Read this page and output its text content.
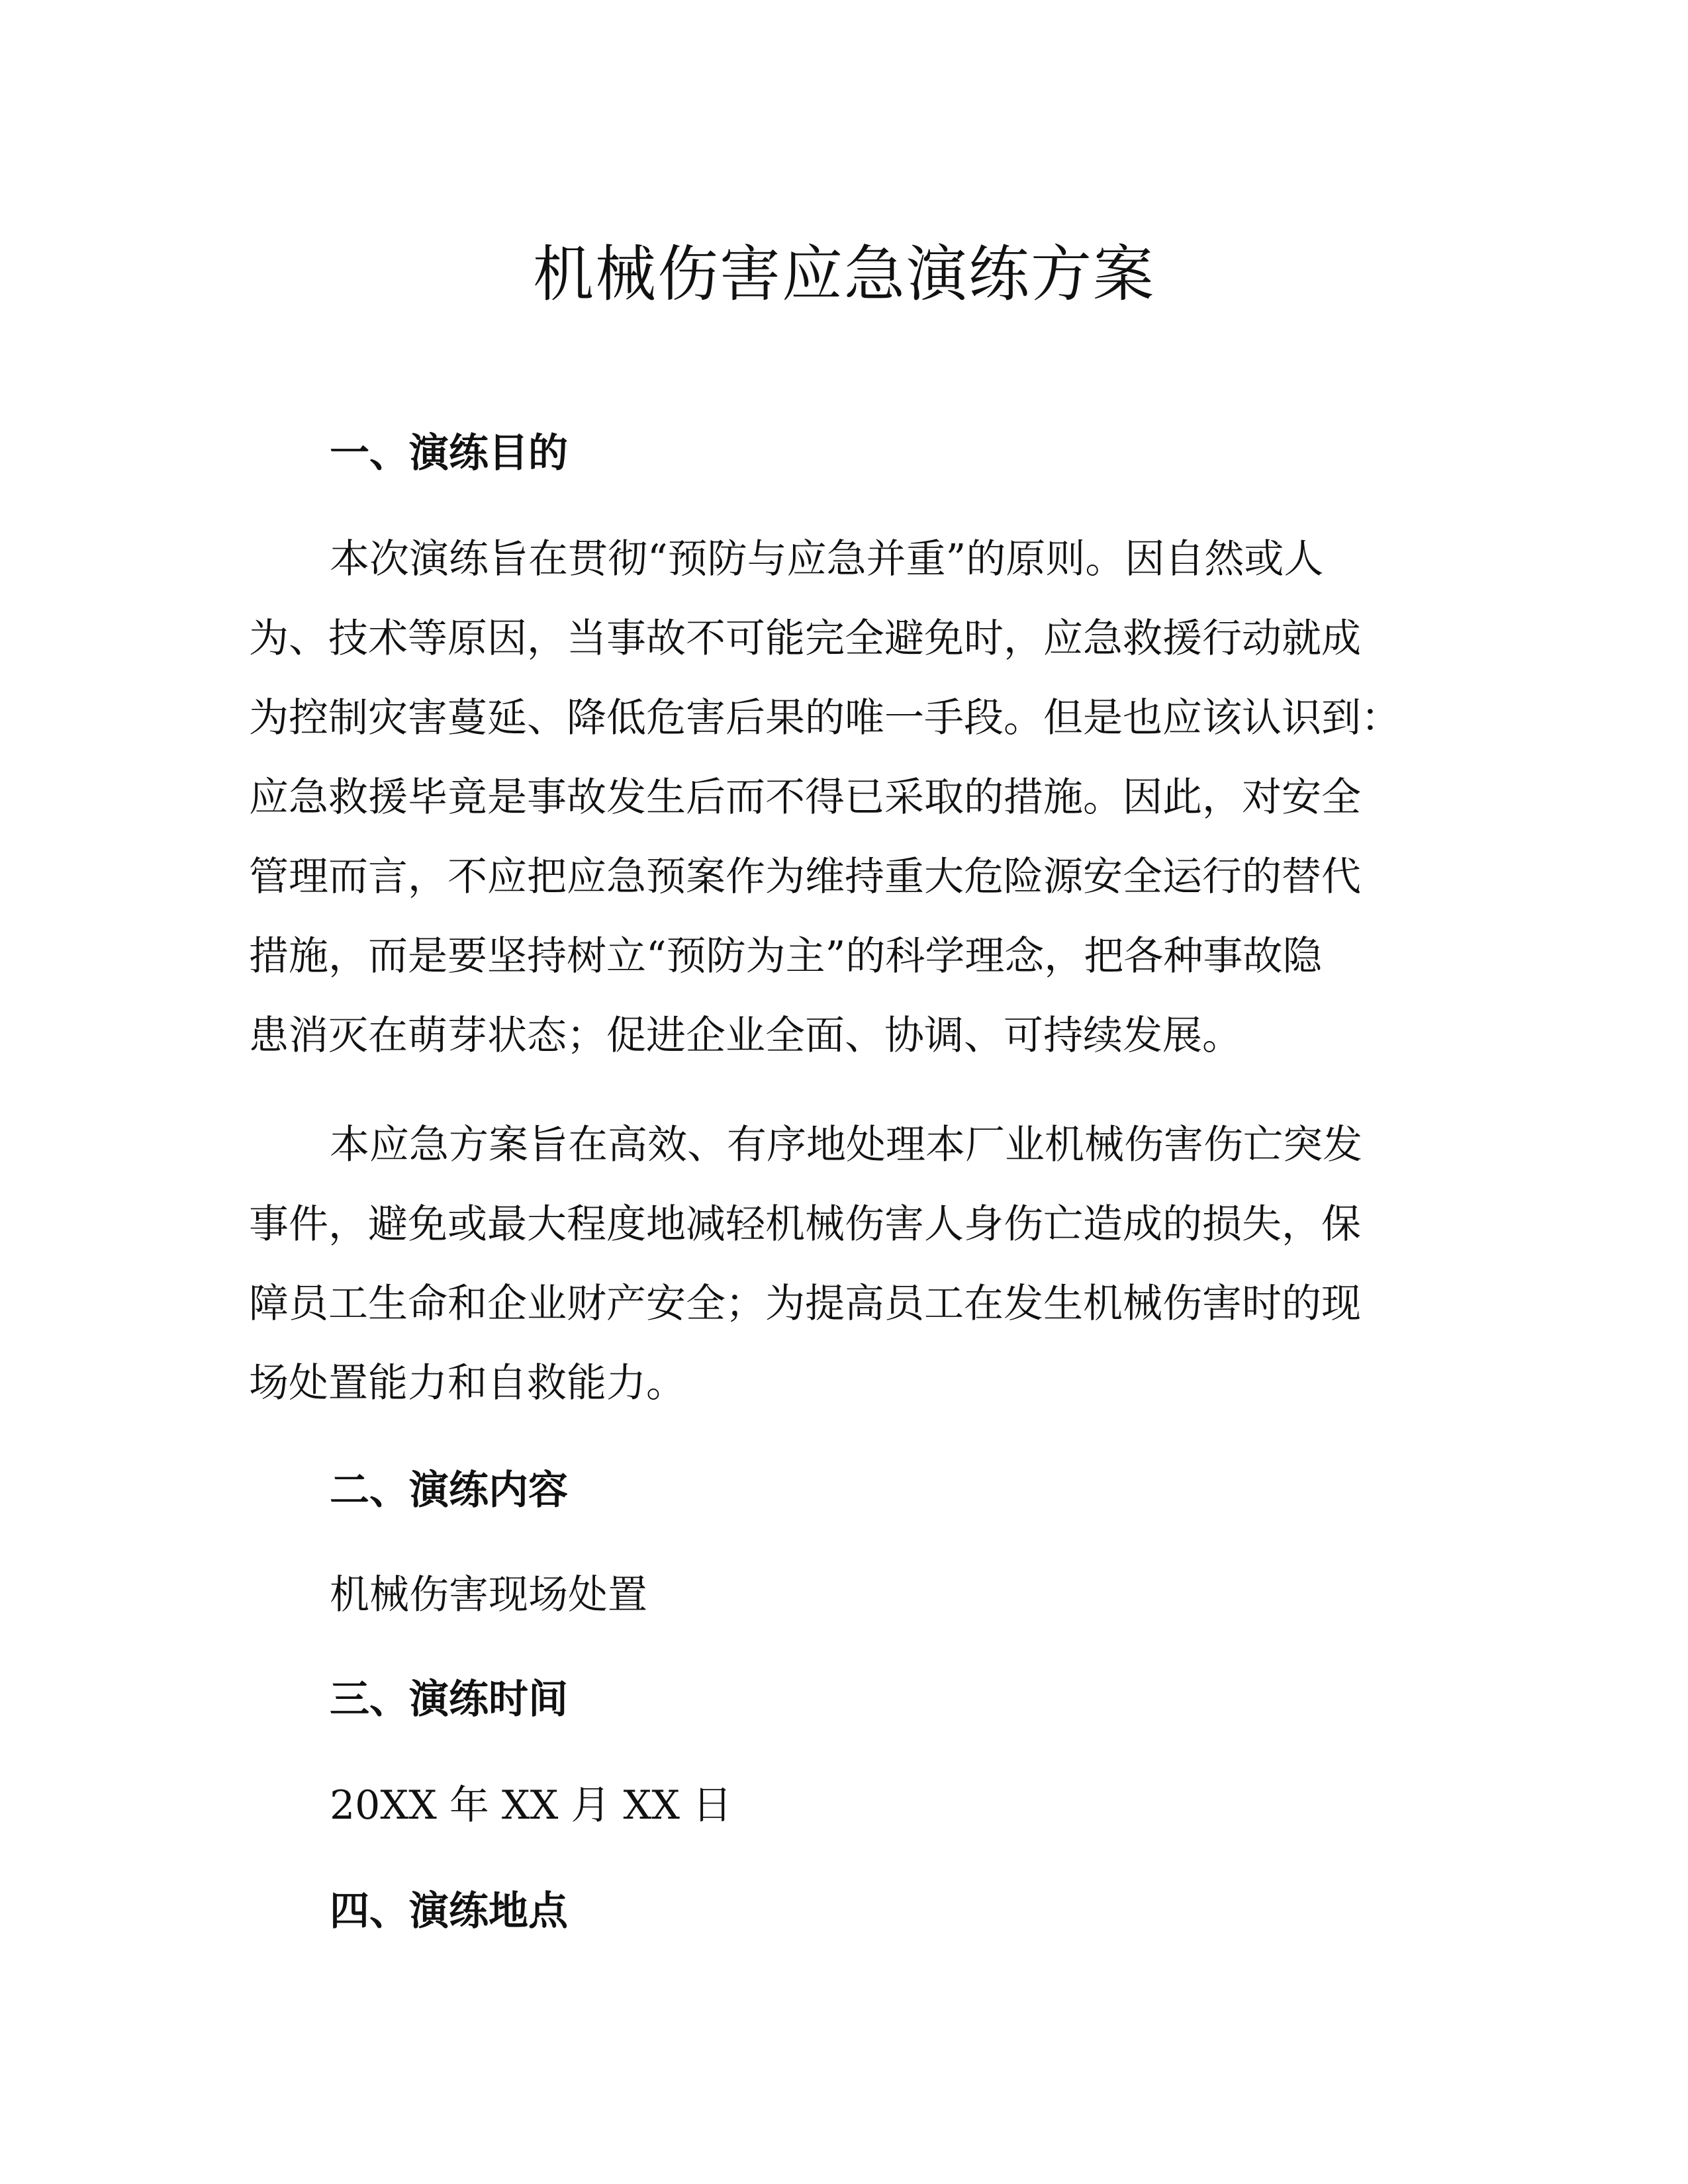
机械伤害应急演练方案
一、演练目的
本次演练旨在贯彻“预防与应急并重”的原则。因自然或人
为、技术等原因，当事故不可能完全避免时，应急救援行动就成
为控制灾害蔓延、降低危害后果的唯一手段。但是也应该认识到：
应急救援毕竟是事故发生后而不得已采取的措施。因此，对安全
管理而言，不应把应急预案作为维持重大危险源安全运行的替代
措施，而是要坚持树立“预防为主”的科学理念，把各种事故隐
患消灭在萌芽状态；促进企业全面、协调、可持续发展。
本应急方案旨在高效、有序地处理本厂业机械伤害伤亡突发
事件，避免或最大程度地减轻机械伤害人身伤亡造成的损失，保
障员工生命和企业财产安全；为提高员工在发生机械伤害时的现
场处置能力和自救能力。
二、演练内容

机械伤害现场处置

三、演练时间

20XX 年 XX 月 XX 日

四、演练地点
